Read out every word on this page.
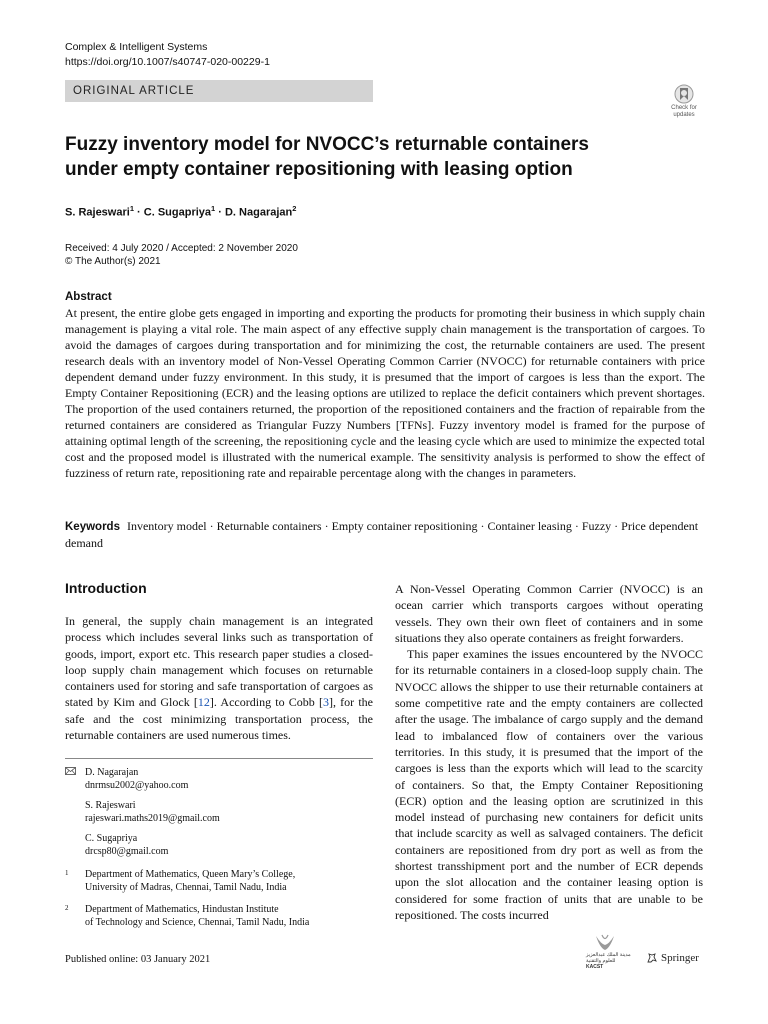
Complex & Intelligent Systems
https://doi.org/10.1007/s40747-020-00229-1
ORIGINAL ARTICLE
Check for
updates
Fuzzy inventory model for NVOCC’s returnable containers
under empty container repositioning with leasing option
S. Rajeswari$^1$ · C. Sugapriya$^1$ · D. Nagarajan$^2$
Received: 4 July 2020 / Accepted: 2 November 2020
© The Author(s) 2021
Abstract
At present, the entire globe gets engaged in importing and exporting the products for promoting their business in which supply chain management is playing a vital role. The main aspect of any effective supply chain management is the transportation of cargoes. To avoid the damages of cargoes during transportation and for minimizing the cost, the returnable containers are used. The present research deals with an inventory model of Non-Vessel Operating Common Carrier (NVOCC) for returnable containers with price dependent demand under fuzzy environment. In this study, it is presumed that the import of cargoes is less than the export. The Empty Container Repositioning (ECR) and the leasing options are utilized to replace the deficit containers which prevent shortages. The proportion of the used containers returned, the proportion of the repositioned containers and the fraction of repairable from the returned containers are considered as Triangular Fuzzy Numbers [TFNs]. Fuzzy inventory model is framed for the purpose of attaining optimal length of the screening, the repositioning cycle and the leasing cycle which are used to minimize the expected total cost and the proposed model is illustrated with the numerical example. The sensitivity analysis is performed to show the effect of fuzziness of return rate, repositioning rate and repairable percentage along with the changes in parameters.
Keywords Inventory model · Returnable containers · Empty container repositioning · Container leasing · Fuzzy · Price dependent demand
Introduction

In general, the supply chain management is an integrated process which includes several links such as transportation of goods, import, export etc. This research paper studies a closed-loop supply chain management which focuses on returnable containers used for storing and safe transportation of cargoes as stated by Kim and Glock [12]. According to Cobb [3], for the safe and the cost minimizing transportation process, the returnable containers are used numerous times.

A Non-Vessel Operating Common Carrier (NVOCC) is an ocean carrier which transports cargoes without operating vessels. They own their own fleet of containers and in some situations they also operate containers as freight forwarders.

This paper examines the issues encountered by the NVOCC for its returnable containers in a closed-loop supply chain. The NVOCC allows the shipper to use their returnable containers at some competitive rate and the empty containers are collected after the usage. The imbalance of cargo supply and the demand lead to imbalanced flow of containers over the various territories. In this study, it is presumed that the import of the cargoes is less than the exports which will lead to the scarcity of containers. So that, the Empty Container Repositioning (ECR) option and the leasing option are scrutinized in this model instead of purchasing new containers for deficit units that include scarcity as well as salvaged containers. The deficit containers are repositioned from dry port as well as from the shortest transshipment port and the number of ECR depends upon the slot allocation and the container leasing option is considered for some fraction of units that are unable to be repositioned. The costs incurred

D. Nagarajan
dnrmsu2002@yahoo.com
S. Rajeswari
rajeswari.maths2019@gmail.com
C. Sugapriya
drcsp80@gmail.com
1	Department of Mathematics, Queen Mary’s College,
University of Madras, Chennai, Tamil Nadu, India
2	Department of Mathematics, Hindustan Institute
of Technology and Science, Chennai, Tamil Nadu, India
Published online: 03 January 2021	مدينة الملك عبدالعزيز للعلوم والتقنية
KACST
Springer
